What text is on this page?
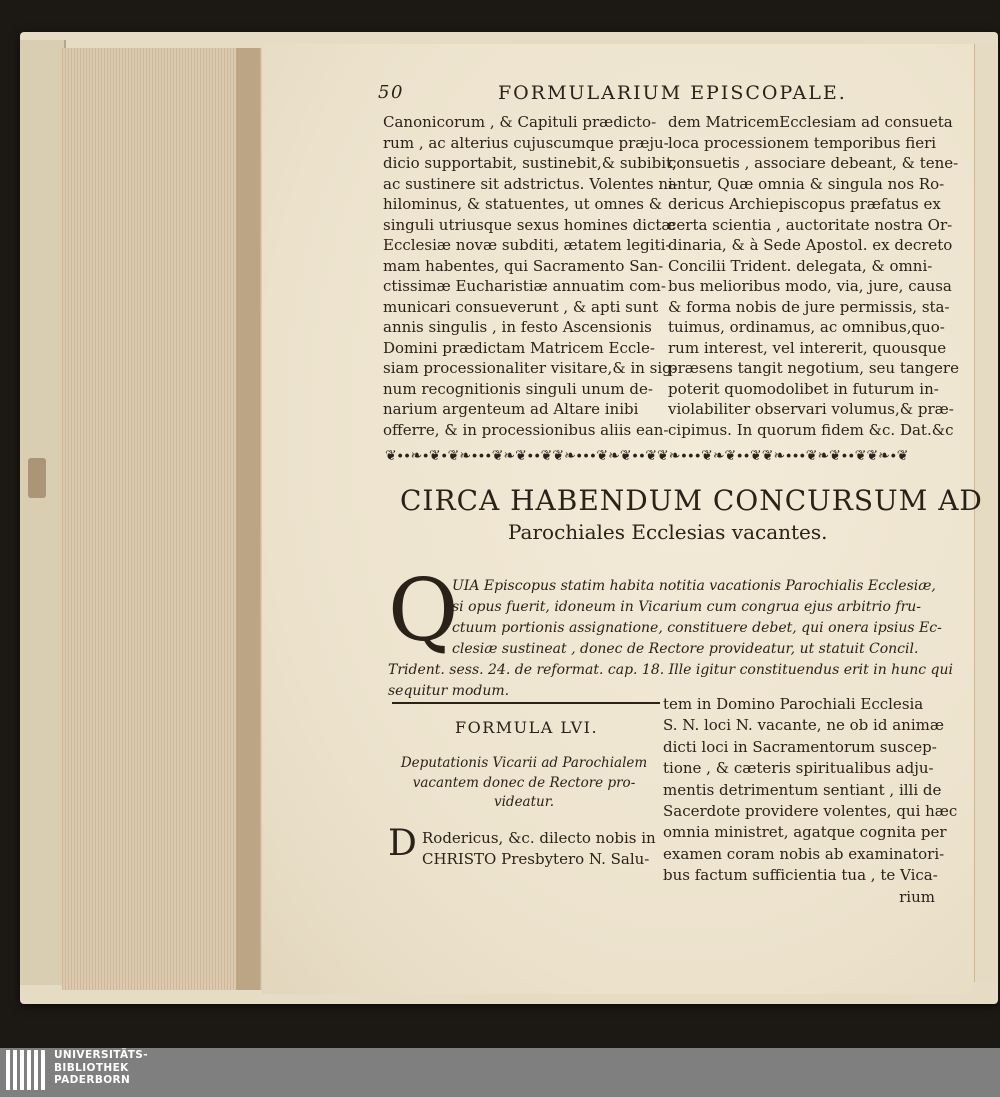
50	FORMULARIUM EPISCOPALE.
Canonicorum , & Capituli prædicto-
rum , ac alterius cujuscumque præju-
dicio supportabit, sustinebit,& subibit,
ac sustinere sit adstrictus. Volentes ni-
hilominus, & statuentes, ut omnes &
singuli utriusque sexus homines dictæ
Ecclesiæ novæ subditi, ætatem legiti-
mam habentes, qui Sacramento San-
ctissimæ Eucharistiæ annuatim com-
municari consueverunt , & apti sunt
annis singulis , in festo Ascensionis
Domini prædictam Matricem Eccle-
siam processionaliter visitare,& in sig-
num recognitionis singuli unum de-
narium argenteum ad Altare inibi
offerre, & in processionibus aliis ean-
dem MatricemEcclesiam ad consueta
loca processionem temporibus fieri
consuetis , associare debeant, & tene-
antur, Quæ omnia & singula nos Ro-
dericus Archiepiscopus præfatus ex
certa scientia , auctoritate nostra Or-
dinaria, & à Sede Apostol. ex decreto
Concilii Trident. delegata, & omni-
bus melioribus modo, via, jure, causa
& forma nobis de jure permissis, sta-
tuimus, ordinamus, ac omnibus,quo-
rum interest, vel intererit, quousque
præsens tangit negotium, seu tangere
poterit quomodolibet in futurum in-
violabiliter observari volumus,& præ-
cipimus. In quorum fidem &c. Dat.&c
❦∙∙❧∙❦∙❦❧∙∙∙❦❧❦∙∙❦❦❧∙∙∙❦❧❦∙∙❦❦❧∙∙∙❦❧❦∙∙❦❦❧∙∙∙❦❧❦∙∙❦❦❧∙❦
CIRCA HABENDUM CONCURSUM AD
Parochiales Ecclesias vacantes.
Q
UIA Episcopus statim habita notitia vacationis Parochialis Ecclesiæ,
si opus fuerit, idoneum in Vicarium cum congrua ejus arbitrio fru-
ctuum portionis assignatione, constituere debet, qui onera ipsius Ec-
clesiæ sustineat , donec de Rectore provideatur, ut statuit Concil.
Trident. sess. 24. de reformat. cap. 18. Ille igitur constituendus erit in hunc qui
sequitur modum.
FORMULA LVI.
Deputationis Vicarii ad Parochialem vacantem donec de Rectore pro-videatur.
D Rodericus, &c. dilecto nobis in
CHRISTO Presbytero N. Salu-
tem in Domino Parochiali Ecclesia
S. N. loci N. vacante, ne ob id animæ
dicti loci in Sacramentorum suscep-
tione , & cæteris spiritualibus adju-
mentis detrimentum sentiant , illi de
Sacerdote providere volentes, qui hæc
omnia ministret, agatque cognita per
examen coram nobis ab examinatori-
bus factum sufficientia tua , te Vica-
rium
UNIVERSITÄTS-
BIBLIOTHEK
PADERBORN
